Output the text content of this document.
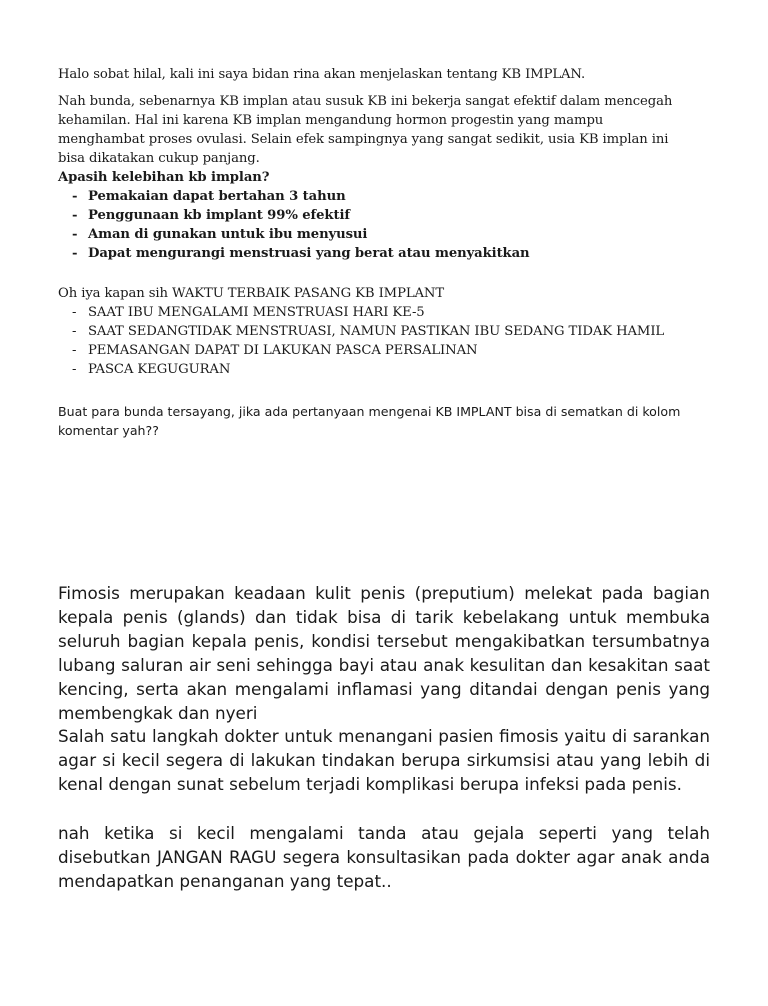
Halo sobat hilal, kali ini saya bidan rina akan menjelaskan tentang KB IMPLAN.

Nah bunda, sebenarnya KB implan atau susuk KB ini bekerja sangat efektif dalam mencegah
kehamilan. Hal ini karena KB implan mengandung hormon progestin yang mampu
menghambat proses ovulasi. Selain efek sampingnya yang sangat sedikit, usia KB implan ini
bisa dikatakan cukup panjang.
Apasih kelebihan kb implan?
- Pemakaian dapat bertahan 3 tahun
- Penggunaan kb implant 99% efektif
- Aman di gunakan untuk ibu menyusui
- Dapat mengurangi menstruasi yang berat atau menyakitkan
Oh iya kapan sih WAKTU TERBAIK PASANG KB IMPLANT
- SAAT IBU MENGALAMI MENSTRUASI HARI KE-5
- SAAT SEDANGTIDAK MENSTRUASI, NAMUN PASTIKAN IBU SEDANG TIDAK HAMIL
- PEMASANGAN DAPAT DI LAKUKAN PASCA PERSALINAN
- PASCA KEGUGURAN
Buat para bunda tersayang, jika ada pertanyaan mengenai KB IMPLANT bisa di sematkan di kolom
komentar yah??

Fimosis merupakan keadaan kulit penis (preputium) melekat pada bagian kepala penis (glands) dan tidak bisa di tarik kebelakang untuk membuka seluruh bagian kepala penis, kondisi tersebut mengakibatkan tersumbatnya lubang saluran air seni sehingga bayi atau anak kesulitan dan kesakitan saat kencing, serta akan mengalami inflamasi yang ditandai dengan penis yang membengkak dan nyeri

Salah satu langkah dokter untuk menangani pasien fimosis yaitu di sarankan agar si kecil segera di lakukan tindakan berupa sirkumsisi atau yang lebih di kenal dengan sunat sebelum terjadi komplikasi berupa infeksi pada penis.

nah ketika si kecil mengalami tanda atau gejala seperti yang telah disebutkan JANGAN RAGU segera konsultasikan pada dokter agar anak anda mendapatkan penanganan yang tepat..
